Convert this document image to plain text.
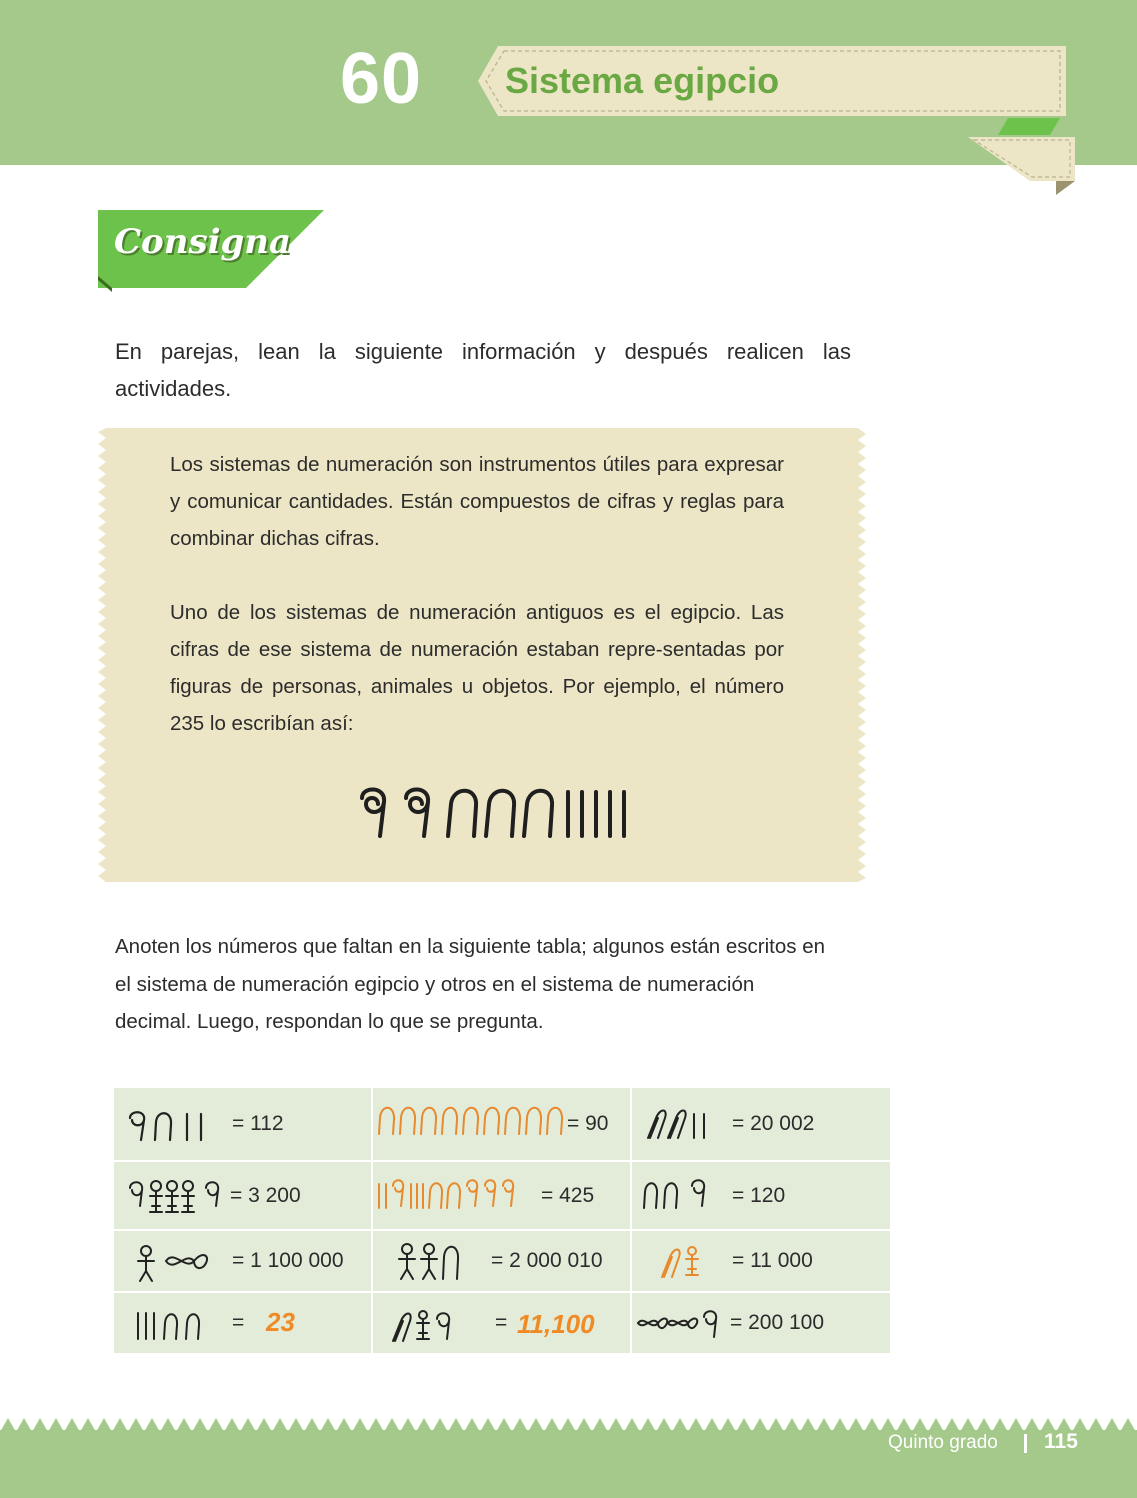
60	Sistema egipcio
Consigna
En parejas, lean la siguiente información y después realicen las actividades.
Los sistemas de numeración son instrumentos útiles para expresar y comunicar cantidades. Están compuestos de cifras y reglas para combinar dichas cifras.
Uno de los sistemas de numeración antiguos es el egipcio. Las cifras de ese sistema de numeración estaban repre-sentadas por figuras de personas, animales u objetos. Por ejemplo, el número 235 lo escribían así:
Anoten los números que faltan en la siguiente tabla; algunos están escritos en el sistema de numeración egipcio y otros en el sistema de numeración decimal. Luego, respondan lo que se pregunta.
= 112	= 90	= 20 002
= 3 200	= 425	= 120
= 1 100 000	= 2 000 010	= 11 000
= 23	= 11,100	= 200 100
Quinto grado 115
